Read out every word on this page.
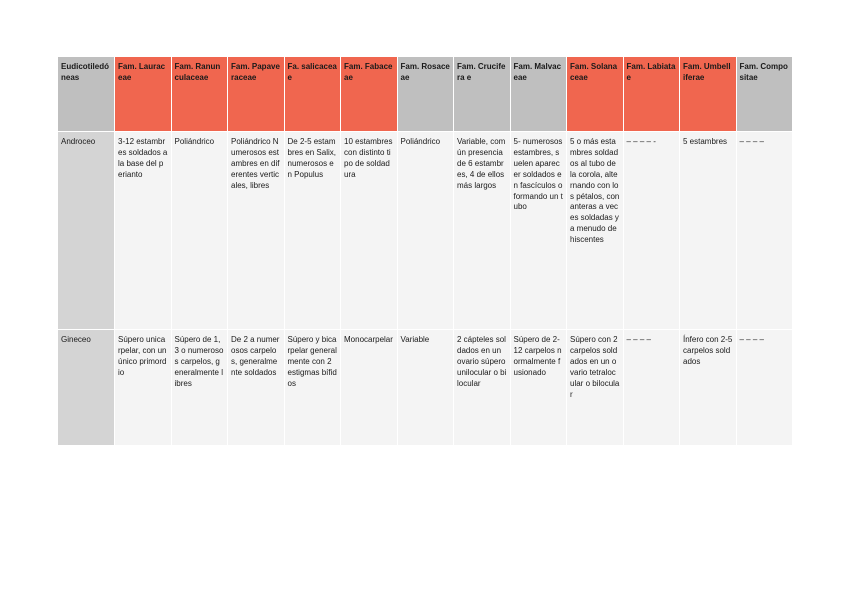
Eudicotiledóneas	Fam. Lauraceae	Fam. Ranunculaceae	Fam. Papaveraceae	Fa. salicaceae	Fam. Fabaceae	Fam. Rosaceae	Fam. Crucifera e	Fam. Malvaceae	Fam. Solanaceae	Fam. Labiatae	Fam. Umbelliferae	Fam. Compositae
Androceo	3-12 estambres soldados a la base del perianto	Poliándrico	Poliándrico Numerosos estambres en diferentes verticales, libres	De 2-5 estambres en Salix, numerosos en Populus	10 estambres con distinto tipo de soldadura	Poliándrico	Variable, común presencia de 6 estambres, 4 de ellos más largos	5- numerosos estambres, suelen aparecer soldados en fascículos o formando un tubo	5 o más estambres soldados al tubo de la corola, alternando con los pétalos, con anteras a veces soldadas y a menudo dehiscentes	– – – – -	5 estambres	– – – –
Gineceo	Súpero unicarpelar, con un único primordio	Súpero de 1, 3 o numerosos carpelos, generalmente libres	De 2 a numerosos carpelos, generalmente soldados	Súpero y bicarpelar generalmente con 2 estigmas bífidos	Monocarpelar	Variable	2 cápteles soldados en un ovario súpero unilocular o bilocular	Súpero de 2-12 carpelos normalmente fusionado	Súpero con 2 carpelos soldados en un ovario tetralocular o bilocular	– – – –	Ínfero con 2-5 carpelos soldados	– – – –
